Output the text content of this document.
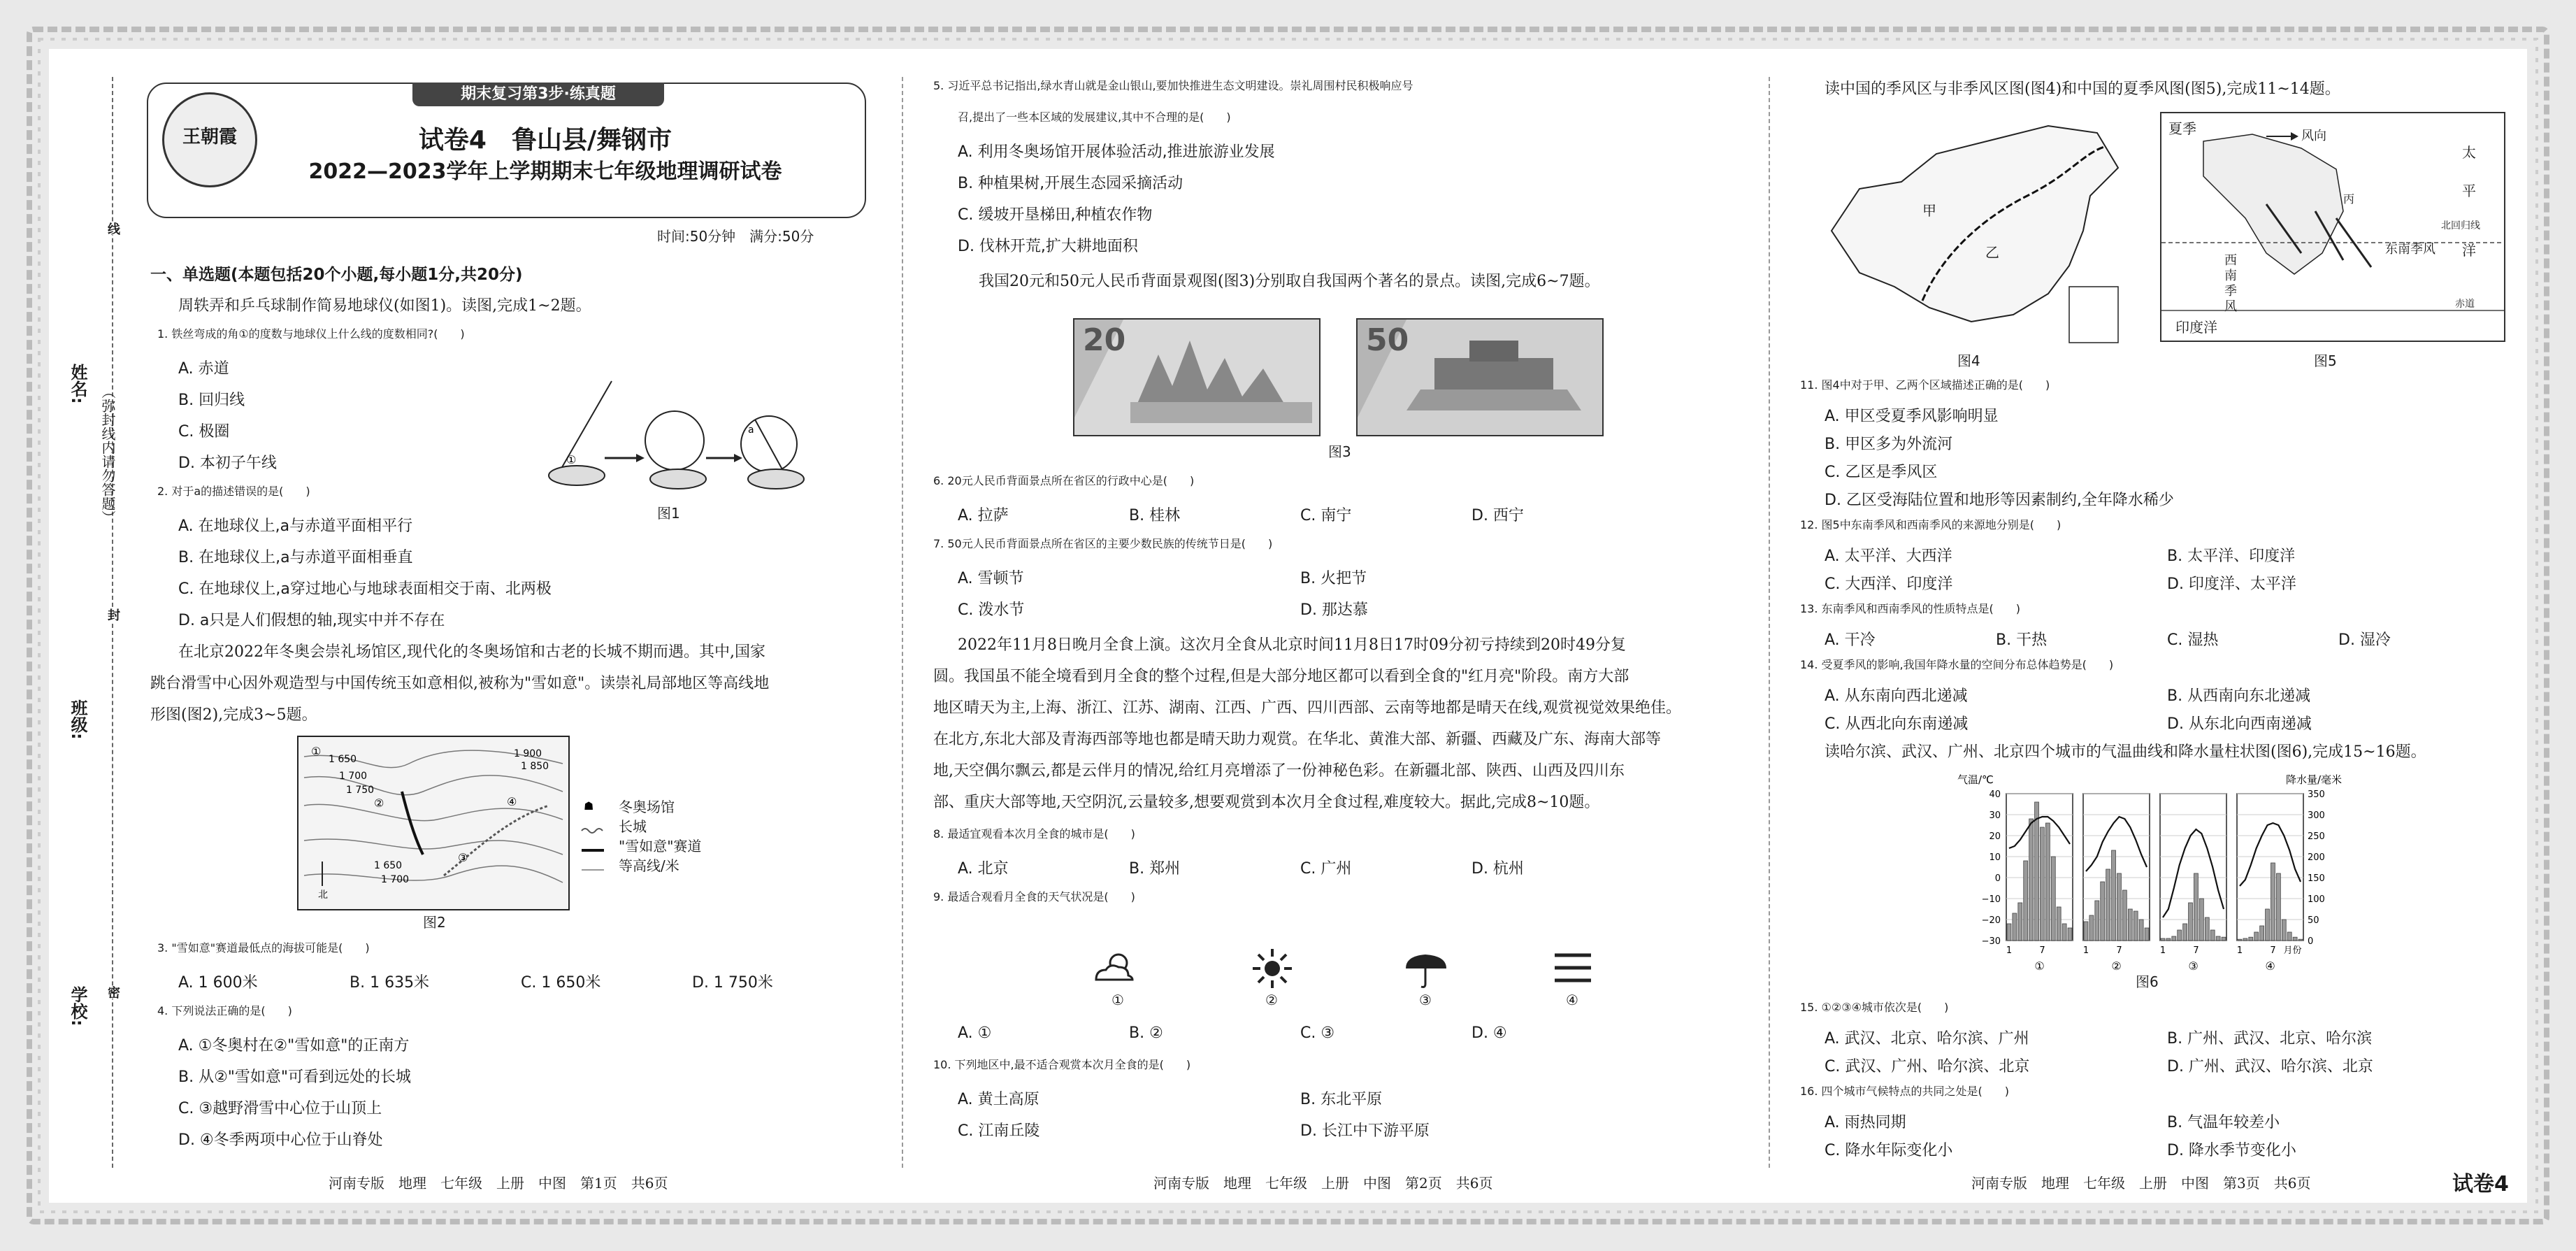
姓名:
班级:
学校:
（弥封线内请勿答题）
线
封
密
期末复习第3步·练真题
王朝霞	试卷4　鲁山县/舞钢市
2022—2023学年上学期期末七年级地理调研试卷
时间:50分钟　满分:50分
一、单选题(本题包括20个小题,每小题1分,共20分)
周轶弄和乒乓球制作简易地球仪(如图1)。读图,完成1~2题。
1. 铁丝弯成的角①的度数与地球仪上什么线的度数相同?(　　)
A. 赤道
B. 回归线
C. 极圈
D. 本初子午线
2. 对于a的描述错误的是(　　)
A. 在地球仪上,a与赤道平面相平行
B. 在地球仪上,a与赤道平面相垂直
C. 在地球仪上,a穿过地心与地球表面相交于南、北两极
D. a只是人们假想的轴,现实中并不存在
①
a
图1
在北京2022年冬奥会崇礼场馆区,现代化的冬奥场馆和古老的长城不期而遇。其中,国家
跳台滑雪中心因外观造型与中国传统玉如意相似,被称为"雪如意"。读崇礼局部地区等高线地
形图(图2),完成3~5题。
①
②
③
④
1 650
1 700
1 750
1 900
1 850
1 650
1 700
北
☗ 冬奥场馆
长城
"雪如意"赛道
等高线/米
图2
3. "雪如意"赛道最低点的海拔可能是(　　)
A. 1 600米	B. 1 635米	C. 1 650米	D. 1 750米
4. 下列说法正确的是(　　)
A. ①冬奥村在②"雪如意"的正南方
B. 从②"雪如意"可看到远处的长城
C. ③越野滑雪中心位于山顶上
D. ④冬季两项中心位于山脊处
河南专版　地理　七年级　上册　中图　第1页　共6页
5. 习近平总书记指出,绿水青山就是金山银山,要加快推进生态文明建设。崇礼周围村民积极响应号
召,提出了一些本区域的发展建议,其中不合理的是(　　)
A. 利用冬奥场馆开展体验活动,推进旅游业发展
B. 种植果树,开展生态园采摘活动
C. 缓坡开垦梯田,种植农作物
D. 伐林开荒,扩大耕地面积
我国20元和50元人民币背面景观图(图3)分别取自我国两个著名的景点。读图,完成6~7题。
20	50
图3
6. 20元人民币背面景点所在省区的行政中心是(　　)
A. 拉萨	B. 桂林	C. 南宁	D. 西宁
7. 50元人民币背面景点所在省区的主要少数民族的传统节日是(　　)
A. 雪顿节	B. 火把节
C. 泼水节	D. 那达慕
2022年11月8日晚月全食上演。这次月全食从北京时间11月8日17时09分初亏持续到20时49分复
圆。我国虽不能全境看到月全食的整个过程,但是大部分地区都可以看到全食的"红月亮"阶段。南方大部
地区晴天为主,上海、浙江、江苏、湖南、江西、广西、四川西部、云南等地都是晴天在线,观赏视觉效果绝佳。
在北方,东北大部及青海西部等地也都是晴天助力观赏。在华北、黄淮大部、新疆、西藏及广东、海南大部等
地,天空偶尔飘云,都是云伴月的情况,给红月亮增添了一份神秘色彩。在新疆北部、陕西、山西及四川东
部、重庆大部等地,天空阴沉,云量较多,想要观赏到本次月全食过程,难度较大。据此,完成8~10题。
8. 最适宜观看本次月全食的城市是(　　)
A. 北京	B. 郑州	C. 广州	D. 杭州
9. 最适合观看月全食的天气状况是(　　)
①	②	③	④
A. ①	B. ②	C. ③	D. ④
10. 下列地区中,最不适合观赏本次月全食的是(　　)
A. 黄土高原	B. 东北平原
C. 江南丘陵	D. 长江中下游平原
河南专版　地理　七年级　上册　中图　第2页　共6页
读中国的季风区与非季风区图(图4)和中国的夏季风图(图5),完成11~14题。
甲
乙
图4
夏季	风向
太
平
洋
北回归线
赤道
印度洋
东南季风
西南季风
丙
图5
11. 图4中对于甲、乙两个区域描述正确的是(　　)
A. 甲区受夏季风影响明显
B. 甲区多为外流河
C. 乙区是季风区
D. 乙区受海陆位置和地形等因素制约,全年降水稀少
12. 图5中东南季风和西南季风的来源地分别是(　　)
A. 太平洋、大西洋	B. 太平洋、印度洋
C. 大西洋、印度洋	D. 印度洋、太平洋
13. 东南季风和西南季风的性质特点是(　　)
A. 干冷	B. 干热	C. 湿热	D. 湿冷
14. 受夏季风的影响,我国年降水量的空间分布总体趋势是(　　)
A. 从东南向西北递减	B. 从西南向东北递减
C. 从西北向东南递减	D. 从东北向西南递减
读哈尔滨、武汉、广州、北京四个城市的气温曲线和降水量柱状图(图6),完成15~16题。
气温/℃	降水量/毫米
40
30
20
10
0
−10
−20
−30
350
300
250
200
150
100
50
0
1	7
①
1	7
②
1	7
③
1	7
④
月份
图6
15. ①②③④城市依次是(　　)
A. 武汉、北京、哈尔滨、广州	B. 广州、武汉、北京、哈尔滨
C. 武汉、广州、哈尔滨、北京	D. 广州、武汉、哈尔滨、北京
16. 四个城市气候特点的共同之处是(　　)
A. 雨热同期	B. 气温年较差小
C. 降水年际变化小	D. 降水季节变化小
河南专版　地理　七年级　上册　中图　第3页　共6页	试卷4
